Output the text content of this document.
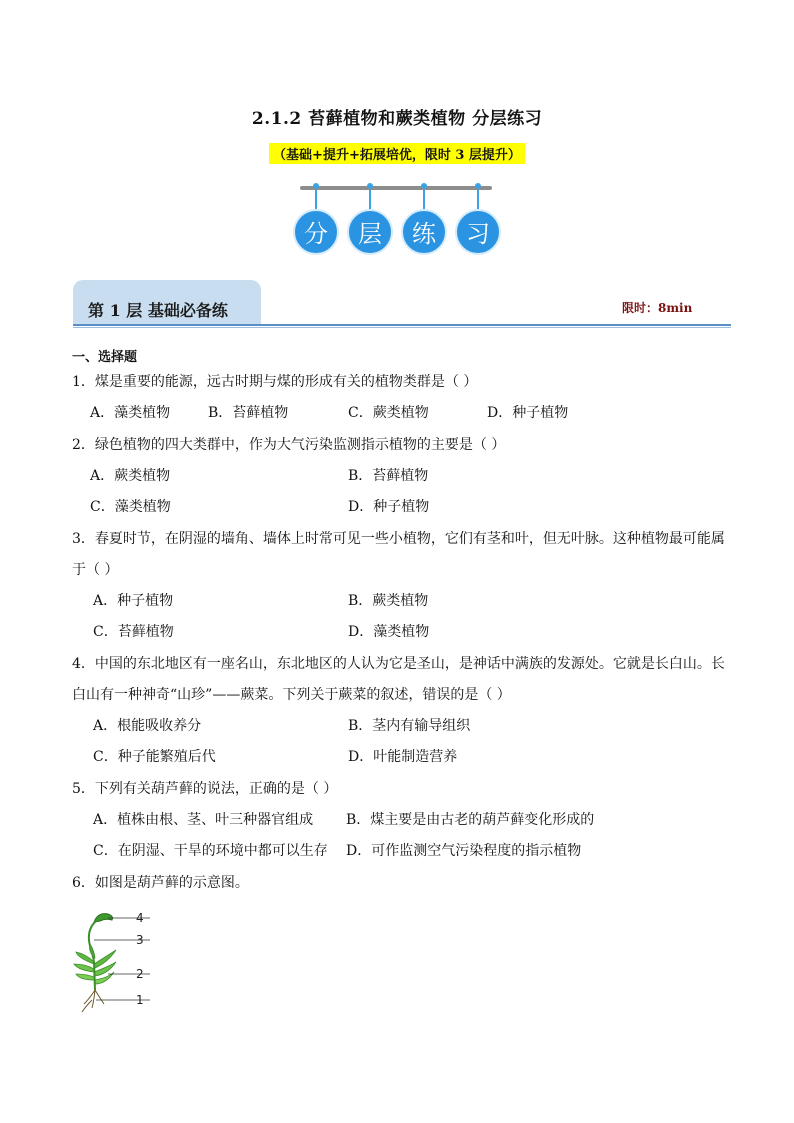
2.1.2 苔藓植物和蕨类植物 分层练习
（基础+提升+拓展培优，限时 3 层提升）
分	层	练	习
第 1 层 基础必备练	限时：8min
一、选择题
1．煤是重要的能源，远古时期与煤的形成有关的植物类群是（ ）
A．藻类植物	B．苔藓植物	C．蕨类植物	D．种子植物
2．绿色植物的四大类群中，作为大气污染监测指示植物的主要是（ ）
A．蕨类植物	B．苔藓植物
C．藻类植物	D．种子植物
3．春夏时节，在阴湿的墙角、墙体上时常可见一些小植物，它们有茎和叶，但无叶脉。这种植物最可能属
于（ ）
A．种子植物	B．蕨类植物
C．苔藓植物	D．藻类植物
4．中国的东北地区有一座名山，东北地区的人认为它是圣山，是神话中满族的发源处。它就是长白山。长
白山有一种神奇“山珍”——蕨菜。下列关于蕨菜的叙述，错误的是（ ）
A．根能吸收养分	B．茎内有输导组织
C．种子能繁殖后代	D．叶能制造营养
5．下列有关葫芦藓的说法，正确的是（ ）
A．植株由根、茎、叶三种器官组成 B．煤主要是由古老的葫芦藓变化形成的
C．在阴湿、干旱的环境中都可以生存 D．可作监测空气污染程度的指示植物
6．如图是葫芦藓的示意图。
4
3
2
1
